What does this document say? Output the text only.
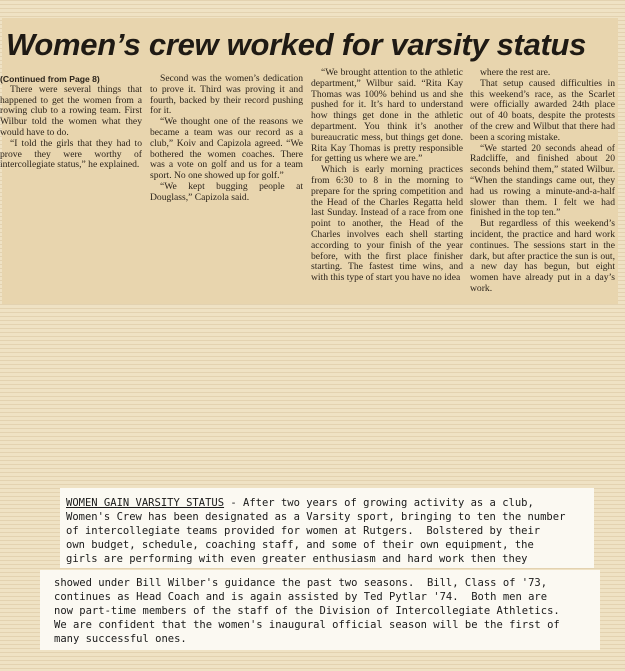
Women’s crew worked for varsity status

(Continued from Page 8)

There were several things that happened to get the women from a rowing club to a rowing team. First Wilbur told the women what they would have to do.

“I told the girls that they had to prove they were worthy of intercollegiate status,” he explained.

Second was the women’s dedication to prove it. Third was proving it and fourth, backed by their record pushing for it.

“We thought one of the reasons we became a team was our record as a club,” Koiv and Capizola agreed. “We bothered the women coaches. There was a vote on golf and us for a team sport. No one showed up for golf.”

“We kept bugging people at Douglass,” Capizola said.

“We brought attention to the athletic department,” Wilbur said. “Rita Kay Thomas was 100% behind us and she pushed for it. It’s hard to understand how things get done in the athletic department. You think it’s another bureaucratic mess, but things get done. Rita Kay Thomas is pretty responsible for getting us where we are.”

Which is early morning practices from 6:30 to 8 in the morning to prepare for the spring competition and the Head of the Charles Regatta held last Sunday. Instead of a race from one point to another, the Head of the Charles involves each shell starting according to your finish of the year before, with the first place finisher starting. The fastest time wins, and with this type of start you have no idea

where the rest are.

That setup caused difficulties in this weekend’s race, as the Scarlet were officially awarded 24th place out of 40 boats, despite the protests of the crew and Wilbut that there had been a scoring mistake.

“We started 20 seconds ahead of Radcliffe, and finished about 20 seconds behind them,” stated Wilbur. “When the standings came out, they had us rowing a minute-and-a-half slower than them. I felt we had finished in the top ten.”

But regardless of this weekend’s incident, the practice and hard work continues. The sessions start in the dark, but after practice the sun is out, a new day has begun, but eight women have already put in a day’s work.

WOMEN GAIN VARSITY STATUS - After two years of growing activity as a club,
Women's Crew has been designated as a Varsity sport, bringing to ten the number
of intercollegiate teams provided for women at Rutgers.  Bolstered by their
own budget, schedule, coaching staff, and some of their own equipment, the
girls are performing with even greater enthusiasm and hard work then they
showed under Bill Wilber's guidance the past two seasons.  Bill, Class of '73,
continues as Head Coach and is again assisted by Ted Pytlar '74.  Both men are
now part-time members of the staff of the Division of Intercollegiate Athletics.
We are confident that the women's inaugural official season will be the first of
many successful ones.
